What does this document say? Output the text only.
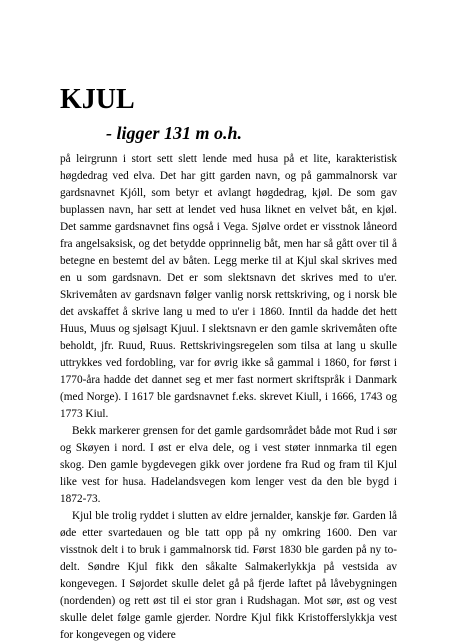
KJUL
- ligger 131 m o.h.

på leirgrunn i stort sett slett lende med husa på et lite, karakteristisk høgdedrag ved elva. Det har gitt garden navn, og på gammalnorsk var gardsnavnet Kjóll, som betyr et avlangt høgdedrag, kjøl. De som gav buplassen navn, har sett at lendet ved husa liknet en velvet båt, en kjøl. Det samme gardsnavnet fins også i Vega. Sjølve ordet er visstnok låneord fra angelsaksisk, og det betydde opprinnelig båt, men har så gått over til å betegne en bestemt del av båten. Legg merke til at Kjul skal skrives med en u som gardsnavn. Det er som slektsnavn det skrives med to u'er. Skrivemåten av gardsnavn følger vanlig norsk rettskriving, og i norsk ble det avskaffet å skrive lang u med to u'er i 1860. Inntil da hadde det hett Huus, Muus og sjølsagt Kjuul. I slektsnavn er den gamle skrivemåten ofte beholdt, jfr. Ruud, Ruus. Rettskrivingsregelen som tilsa at lang u skulle uttrykkes ved fordobling, var for øvrig ikke så gammal i 1860, for først i 1770-åra hadde det dannet seg et mer fast normert skriftspråk i Danmark (med Norge). I 1617 ble gardsnavnet f.eks. skrevet Kiull, i 1666, 1743 og 1773 Kiul.

Bekk markerer grensen for det gamle gardsområdet både mot Rud i sør og Skøyen i nord. I øst er elva dele, og i vest støter innmarka til egen skog. Den gamle bygdevegen gikk over jordene fra Rud og fram til Kjul like vest for husa. Hadelandsvegen kom lenger vest da den ble bygd i 1872-73.

Kjul ble trolig ryddet i slutten av eldre jernalder, kanskje før. Garden lå øde etter svartedauen og ble tatt opp på ny omkring 1600. Den var visstnok delt i to bruk i gammalnorsk tid. Først 1830 ble garden på ny to-delt. Søndre Kjul fikk den såkalte Salmakerlykkja på vestsida av kongevegen. I Søjordet skulle delet gå på fjerde laftet på låvebygningen (nordenden) og rett øst til ei stor gran i Rudshagan. Mot sør, øst og vest skulle delet følge gamle gjerder. Nordre Kjul fikk Kristofferslykkja vest for kongevegen og videre
